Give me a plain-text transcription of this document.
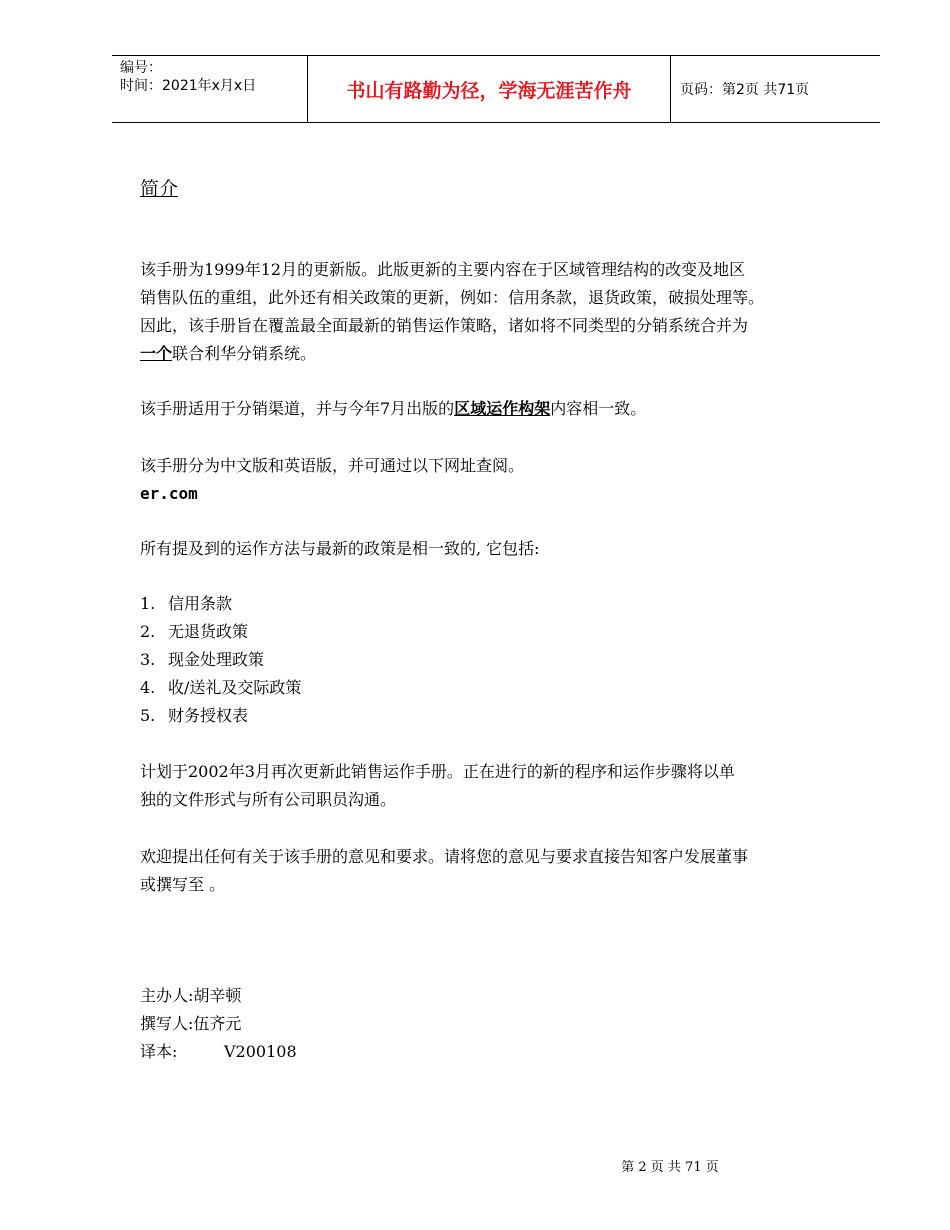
编号：
时间：2021年x月x日	书山有路勤为径，学海无涯苦作舟	页码：第2页 共71页
简介
该手册为1999年12月的更新版。此版更新的主要内容在于区域管理结构的改变及地区
销售队伍的重组，此外还有相关政策的更新，例如：信用条款，退货政策，破损处理等。
因此，该手册旨在覆盖最全面最新的销售运作策略，诸如将不同类型的分销系统合并为
一个联合利华分销系统。
该手册适用于分销渠道，并与今年7月出版的区域运作构架内容相一致。
该手册分为中文版和英语版，并可通过以下网址查阅。
er.com
所有提及到的运作方法与最新的政策是相一致的, 它包括:
1. 信用条款
2. 无退货政策
3. 现金处理政策
4. 收/送礼及交际政策
5. 财务授权表
计划于2002年3月再次更新此销售运作手册。正在进行的新的程序和运作步骤将以单
独的文件形式与所有公司职员沟通。
欢迎提出任何有关于该手册的意见和要求。请将您的意见与要求直接告知客户发展董事
或撰写至 。
主办人: 胡辛顿
撰写人: 伍齐元
译本:	V200108
第 2 页 共 71 页
